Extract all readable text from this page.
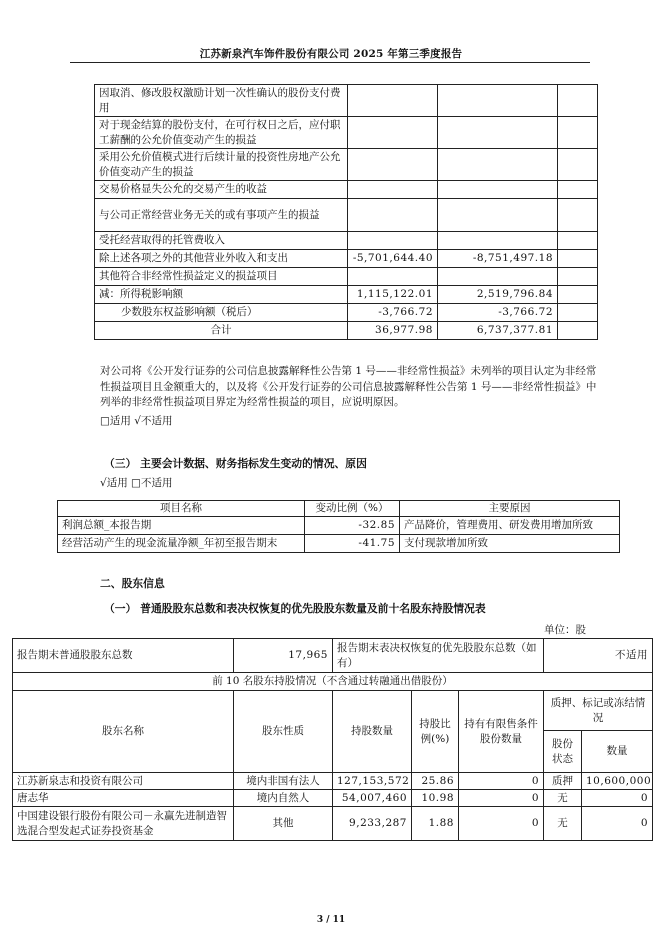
江苏新泉汽车饰件股份有限公司 2025 年第三季度报告
因取消、修改股权激励计划一次性确认的股份支付费用			
对于现金结算的股份支付，在可行权日之后，应付职工薪酬的公允价值变动产生的损益			
采用公允价值模式进行后续计量的投资性房地产公允价值变动产生的损益			
交易价格显失公允的交易产生的收益			
与公司正常经营业务无关的或有事项产生的损益			
受托经营取得的托管费收入			
除上述各项之外的其他营业外收入和支出	-5,701,644.40	-8,751,497.18	
其他符合非经常性损益定义的损益项目			
减：所得税影响额	1,115,122.01	2,519,796.84	
少数股东权益影响额（税后）	-3,766.72	-3,766.72	
合计	36,977.98	6,737,377.81	
对公司将《公开发行证券的公司信息披露解释性公告第 1 号——非经常性损益》未列举的项目认定为非经常性损益项目且金额重大的，以及将《公开发行证券的公司信息披露解释性公告第 1 号——非经常性损益》中列举的非经常性损益项目界定为经常性损益的项目，应说明原因。
□适用 √不适用
（三） 主要会计数据、财务指标发生变动的情况、原因
√适用 □不适用
项目名称	变动比例（%）	主要原因
利润总额_本报告期	-32.85	产品降价，管理费用、研发费用增加所致
经营活动产生的现金流量净额_年初至报告期末	-41.75	支付现款增加所致
二、股东信息
（一） 普通股股东总数和表决权恢复的优先股股东数量及前十名股东持股情况表
单位：股
报告期末普通股股东总数	17,965	报告期末表决权恢复的优先股股东总数（如有）			不适用	
前 10 名股东持股情况（不含通过转融通出借股份）						
股东名称	股东性质	持股数量	持股比例(%)	持有有限售条件股份数量	质押、标记或冻结情况	
					股份状态	数量
江苏新泉志和投资有限公司	境内非国有法人	127,153,572	25.86	0	质押	10,600,000
唐志华	境内自然人	54,007,460	10.98	0	无	0
中国建设银行股份有限公司－永赢先进制造智选混合型发起式证券投资基金	其他	9,233,287	1.88	0	无	0
3 / 11
